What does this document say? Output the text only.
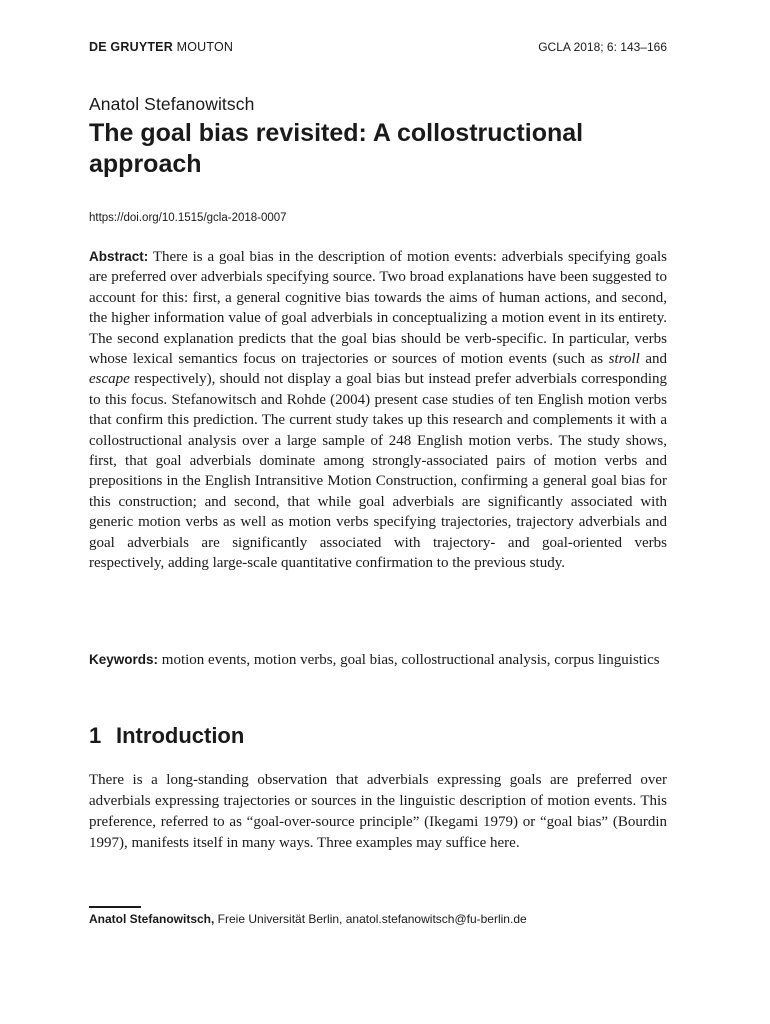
DE GRUYTER MOUTON	GCLA 2018; 6: 143–166
Anatol Stefanowitsch
The goal bias revisited: A collostructional approach
https://doi.org/10.1515/gcla-2018-0007

Abstract: There is a goal bias in the description of motion events: adverbials specifying goals are preferred over adverbials specifying source. Two broad explanations have been suggested to account for this: first, a general cognitive bias towards the aims of human actions, and second, the higher information value of goal adverbials in conceptualizing a motion event in its entirety. The second explanation predicts that the goal bias should be verb-specific. In particular, verbs whose lexical semantics focus on trajectories or sources of motion events (such as stroll and escape respectively), should not display a goal bias but instead prefer adverbials corresponding to this focus. Stefanowitsch and Rohde (2004) present case studies of ten English motion verbs that confirm this prediction. The current study takes up this research and complements it with a collostructional analysis over a large sample of 248 English motion verbs. The study shows, first, that goal adverbials dominate among strongly-associated pairs of motion verbs and prepositions in the English Intransitive Motion Construction, confirming a general goal bias for this construction; and second, that while goal adverbials are significantly associated with generic motion verbs as well as motion verbs specifying trajectories, trajectory adverbials and goal adverbials are significantly associated with trajectory- and goal-oriented verbs respectively, adding large-scale quantitative confirmation to the previous study.

Keywords: motion events, motion verbs, goal bias, collostructional analysis, corpus linguistics

1 Introduction

There is a long-standing observation that adverbials expressing goals are preferred over adverbials expressing trajectories or sources in the linguistic description of motion events. This preference, referred to as “goal-over-source principle” (Ikegami 1979) or “goal bias” (Bourdin 1997), manifests itself in many ways. Three examples may suffice here.

Anatol Stefanowitsch, Freie Universität Berlin, anatol.stefanowitsch@fu-berlin.de
